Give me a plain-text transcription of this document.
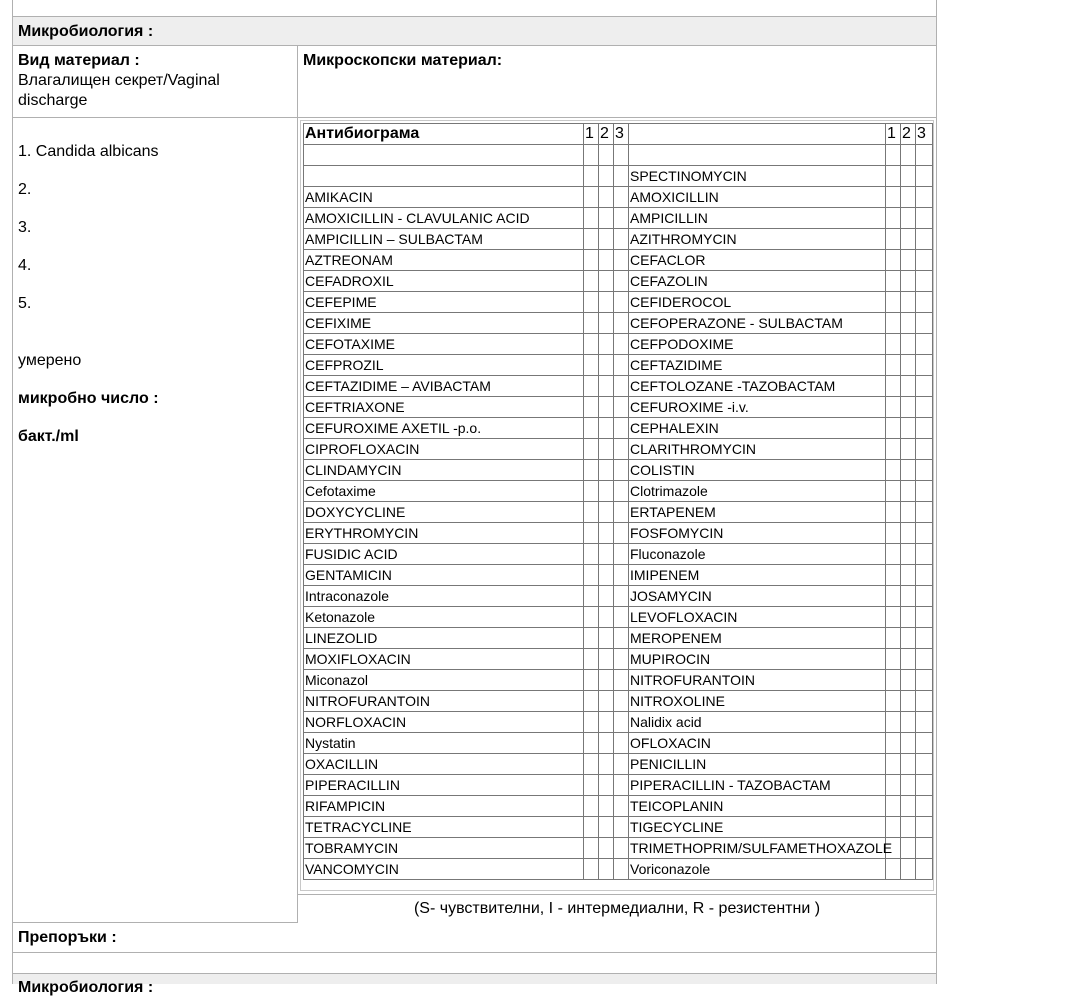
Микробиология :
Вид материал :
Влагалищен секрет/Vaginal discharge
Микроскопски материал:
1. Candida albicans
2.
3.
4.
5.
умерено
микробно число :
бакт./ml
Антибиограма	1	2	3		1	2	3

				SPECTINOMYCIN			
AMIKACIN				AMOXICILLIN			
AMOXICILLIN - CLAVULANIC ACID				AMPICILLIN			
AMPICILLIN – SULBACTAM				AZITHROMYCIN			
AZTREONAM				CEFACLOR			
CEFADROXIL				CEFAZOLIN			
CEFEPIME				CEFIDEROCOL			
CEFIXIME				CEFOPERAZONE - SULBACTAM			
CEFOTAXIME				CEFPODOXIME			
CEFPROZIL				CEFTAZIDIME			
CEFTAZIDIME – AVIBACTAM				CEFTOLOZANE -TAZOBACTAM			
CEFTRIAXONE				CEFUROXIME -i.v.			
CEFUROXIME AXETIL -p.o.				CEPHALEXIN			
CIPROFLOXACIN				CLARITHROMYCIN			
CLINDAMYCIN				COLISTIN			
Cefotaxime				Clotrimazole			
DOXYCYCLINE				ERTAPENEM			
ERYTHROMYCIN				FOSFOMYCIN			
FUSIDIC ACID				Fluconazole			
GENTAMICIN				IMIPENEM			
Intraconazole				JOSAMYCIN			
Ketonazole				LEVOFLOXACIN			
LINEZOLID				MEROPENEM			
MOXIFLOXACIN				MUPIROCIN			
Miconazol				NITROFURANTOIN			
NITROFURANTOIN				NITROXOLINE			
NORFLOXACIN				Nalidix acid			
Nystatin				OFLOXACIN			
OXACILLIN				PENICILLIN			
PIPERACILLIN				PIPERACILLIN - TAZOBACTAM			
RIFAMPICIN				TEICOPLANIN			
TETRACYCLINE				TIGECYCLINE			
TOBRAMYCIN				TRIMETHOPRIM/SULFAMETHOXAZOLE			
VANCOMYCIN				Voriconazole			
(S- чувствителни, I - интермедиални, R - резистентни )
Препоръки :
Микробиология :
